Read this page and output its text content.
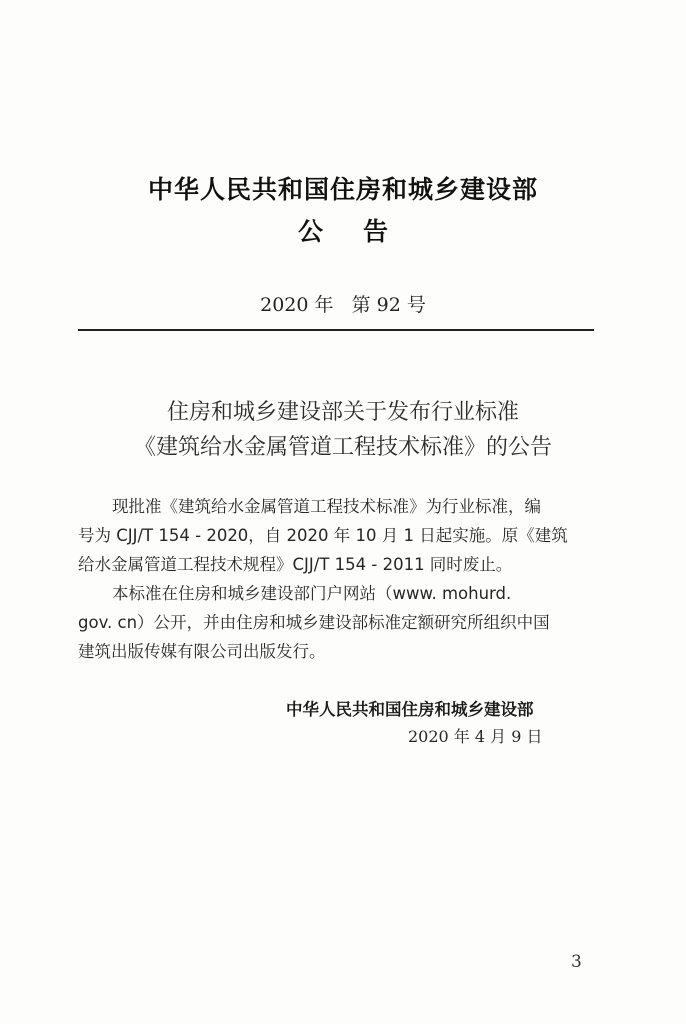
中华人民共和国住房和城乡建设部
公告
2020 年   第 92 号
住房和城乡建设部关于发布行业标准
《建筑给水金属管道工程技术标准》的公告
现批准《建筑给水金属管道工程技术标准》为行业标准，编
号为 CJJ/T 154 - 2020，自 2020 年 10 月 1 日起实施。原《建筑
给水金属管道工程技术规程》CJJ/T 154 - 2011 同时废止。
本标准在住房和城乡建设部门户网站（www. mohurd.
gov. cn）公开，并由住房和城乡建设部标准定额研究所组织中国
建筑出版传媒有限公司出版发行。
中华人民共和国住房和城乡建设部
2020 年 4 月 9 日
3
